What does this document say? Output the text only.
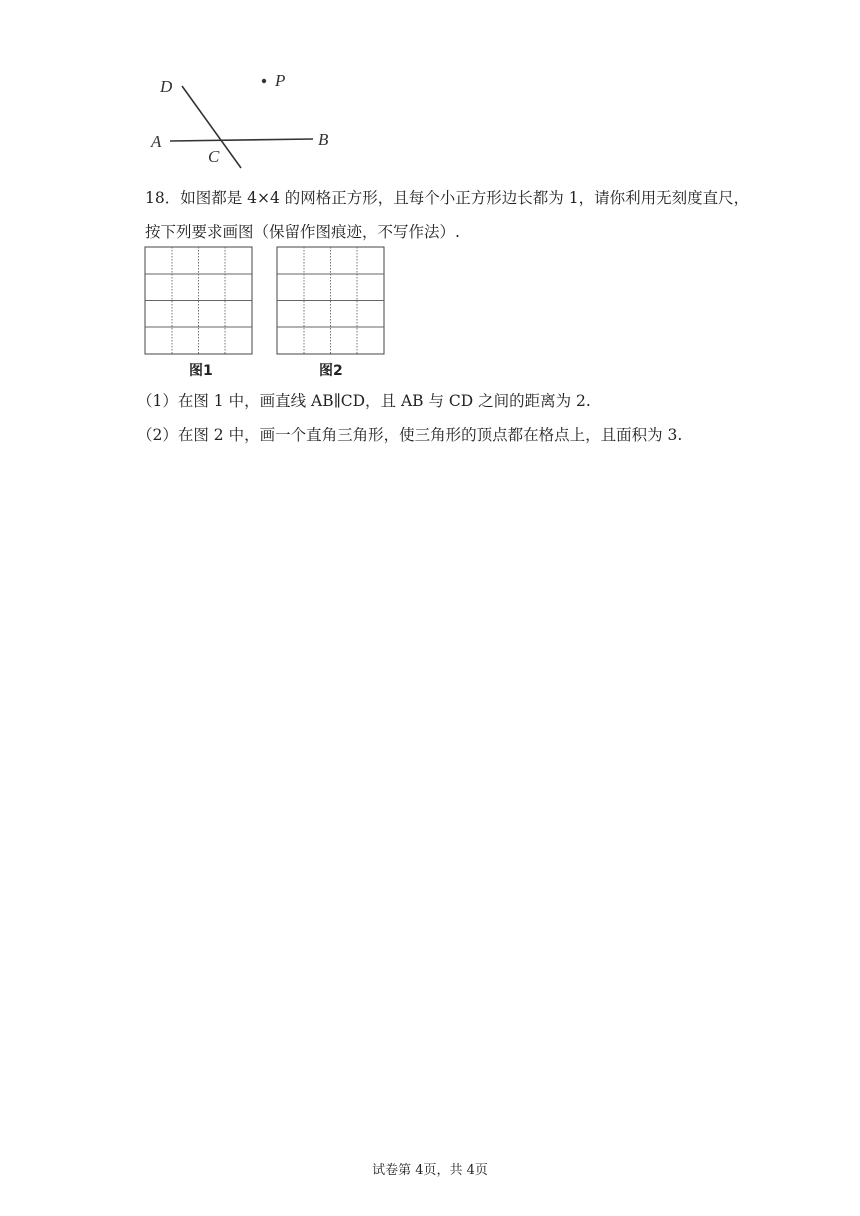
D	P
A	B
C
18．如图都是 4×4 的网格正方形，且每个小正方形边长都为 1，请你利用无刻度直尺，
按下列要求画图（保留作图痕迹，不写作法）.
图1	图2
（1）在图 1 中，画直线 AB∥CD，且 AB 与 CD 之间的距离为 2.
（2）在图 2 中，画一个直角三角形，使三角形的顶点都在格点上，且面积为 3.
试卷第 4页，共 4页
